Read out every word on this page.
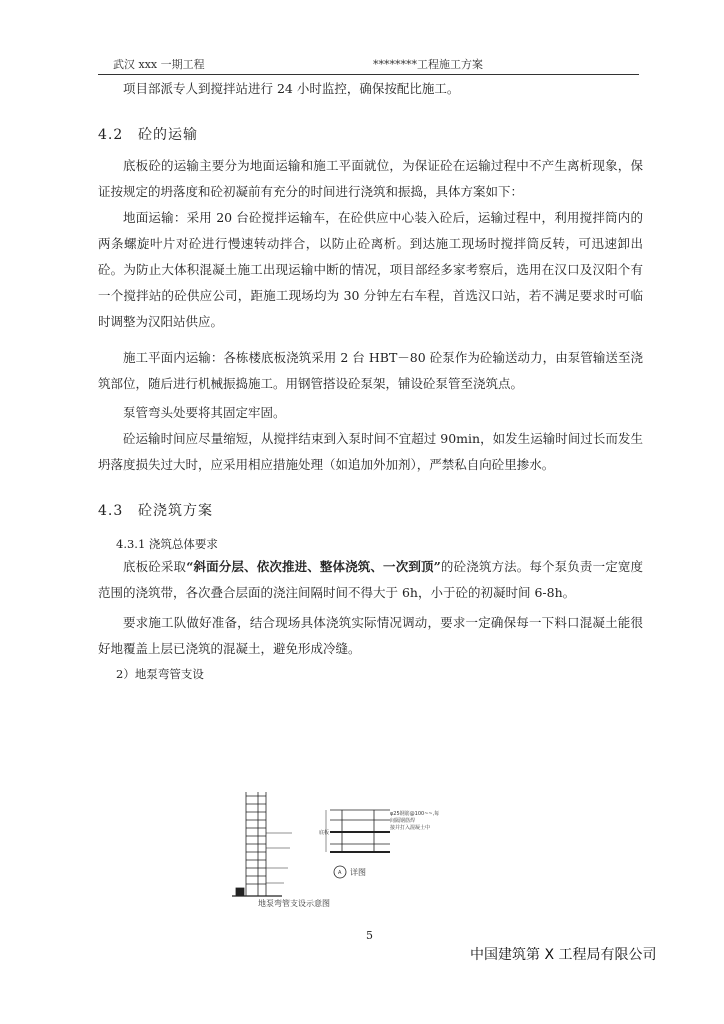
武汉 xxx 一期工程	********工程施工方案
项目部派专人到搅拌站进行 24 小时监控，确保按配比施工。
4.2 砼的运输
底板砼的运输主要分为地面运输和施工平面就位，为保证砼在运输过程中不产生离析现象，保证按规定的坍落度和砼初凝前有充分的时间进行浇筑和振捣，具体方案如下：
地面运输：采用 20 台砼搅拌运输车，在砼供应中心装入砼后，运输过程中，利用搅拌筒内的两条螺旋叶片对砼进行慢速转动拌合，以防止砼离析。到达施工现场时搅拌筒反转，可迅速卸出砼。为防止大体积混凝土施工出现运输中断的情况，项目部经多家考察后，选用在汉口及汉阳个有一个搅拌站的砼供应公司，距施工现场均为 30 分钟左右车程，首选汉口站，若不满足要求时可临时调整为汉阳站供应。
施工平面内运输：各栋楼底板浇筑采用 2 台 HBT－80 砼泵作为砼输送动力，由泵管输送至浇筑部位，随后进行机械振捣施工。用钢管搭设砼泵架，铺设砼泵管至浇筑点。
泵管弯头处要将其固定牢固。
砼运输时间应尽量缩短，从搅拌结束到入泵时间不宜超过 90min，如发生运输时间过长而发生坍落度损失过大时，应采用相应措施处理（如追加外加剂），严禁私自向砼里掺水。
4.3 砼浇筑方案
4.3.1 浇筑总体要求
底板砼采取“斜面分层、依次推进、整体浇筑、一次到顶”的砼浇筑方法。每个泵负责一定宽度范围的浇筑带，各次叠合层面的浇注间隔时间不得大于 6h，小于砼的初凝时间 6-8h。
要求施工队做好准备，结合现场具体浇筑实际情况调动，要求一定确保每一下料口混凝土能很好地覆盖上层已浇筑的混凝土，避免形成冷缝。
2）地泵弯管支设
地泵弯管支设示意图
φ25钢筋@100~~,每
间隔钢筋焊
接并打入混凝土中
底板
A 详图
5
中国建筑第 X 工程局有限公司
